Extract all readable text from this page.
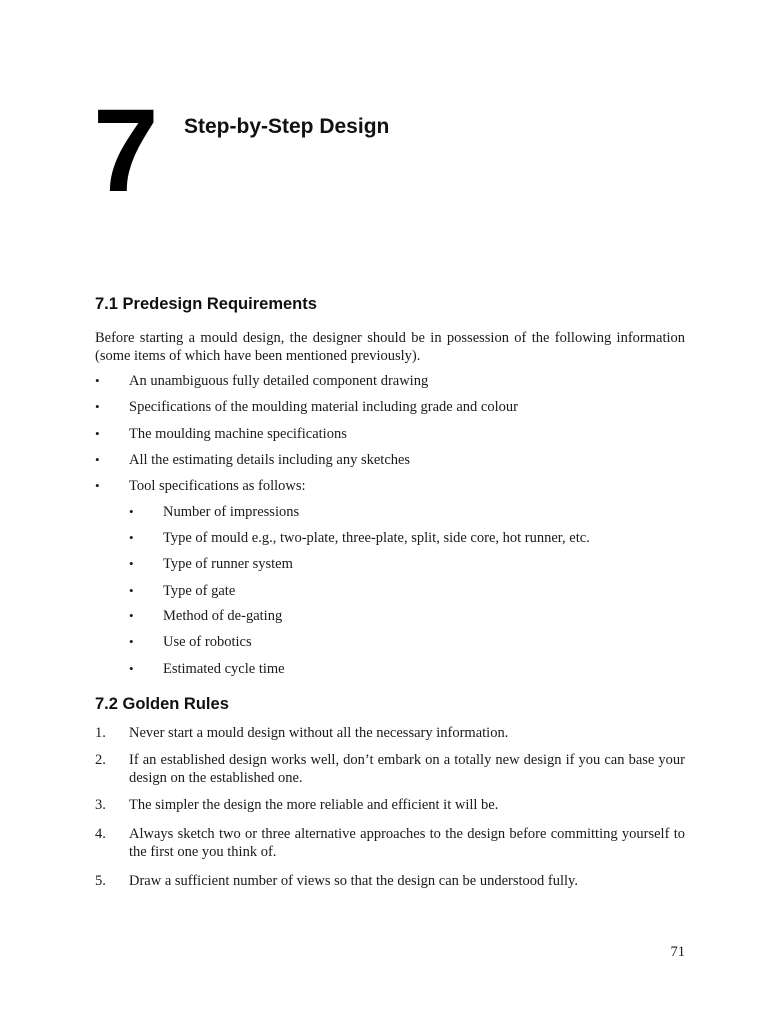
7 Step-by-Step Design
7.1 Predesign Requirements

Before starting a mould design, the designer should be in possession of the following information (some items of which have been mentioned previously).

• An unambiguous fully detailed component drawing
• Specifications of the moulding material including grade and colour
• The moulding machine specifications
• All the estimating details including any sketches
• Tool specifications as follows:
• Number of impressions
• Type of mould e.g., two-plate, three-plate, split, side core, hot runner, etc.
• Type of runner system
• Type of gate
• Method of de-gating
• Use of robotics
• Estimated cycle time
7.2 Golden Rules
1. Never start a mould design without all the necessary information.
2. If an established design works well, don’t embark on a totally new design if you can base your design on the established one.
3. The simpler the design the more reliable and efficient it will be.
4. Always sketch two or three alternative approaches to the design before committing yourself to the first one you think of.
5. Draw a sufficient number of views so that the design can be understood fully.
71
